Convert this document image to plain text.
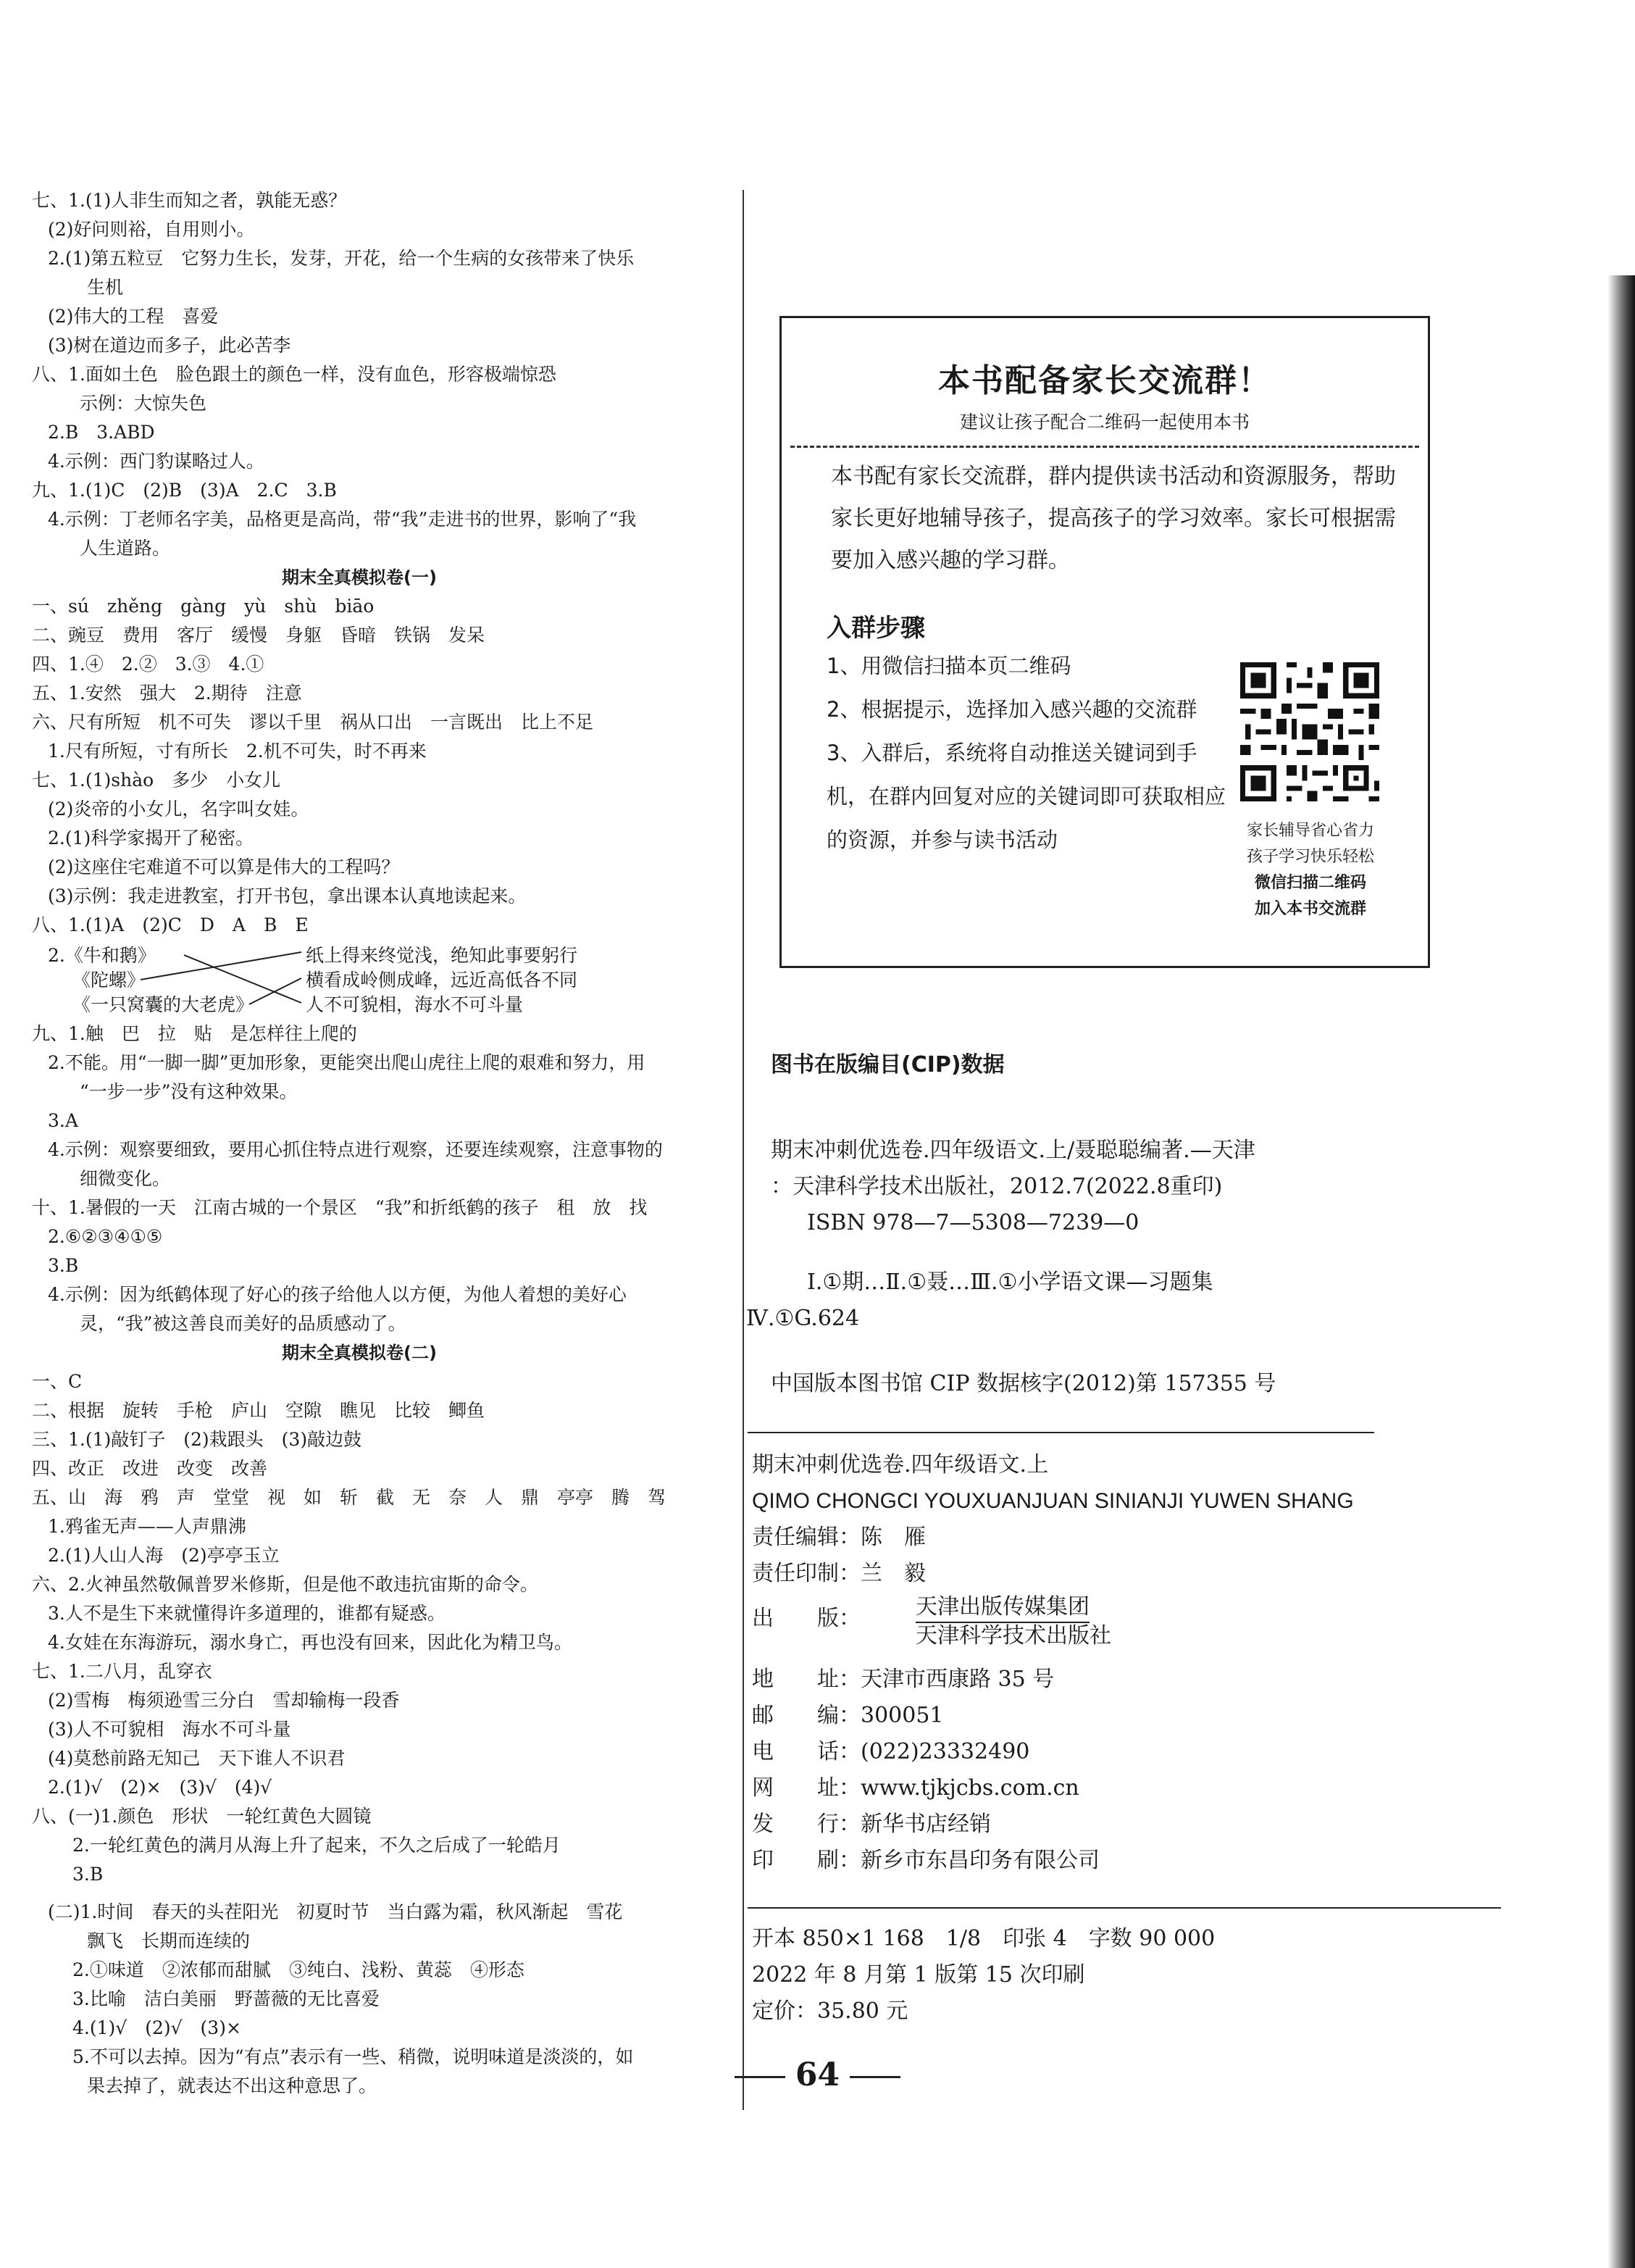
七、1.(1)人非生而知之者，孰能无惑？
(2)好问则裕，自用则小。
2.(1)第五粒豆　它努力生长，发芽，开花，给一个生病的女孩带来了快乐
生机
(2)伟大的工程　喜爱
(3)树在道边而多子，此必苦李
八、1.面如土色　脸色跟土的颜色一样，没有血色，形容极端惊恐
示例：大惊失色
2.B　3.ABD
4.示例：西门豹谋略过人。
九、1.(1)C　(2)B　(3)A　2.C　3.B
4.示例：丁老师名字美，品格更是高尚，带“我”走进书的世界，影响了“我
人生道路。
期末全真模拟卷(一)
一、sú　zhěng　gàng　yù　shù　biāo
二、豌豆　费用　客厅　缓慢　身躯　昏暗　铁锅　发呆
四、1.④　2.②　3.③　4.①
五、1.安然　强大　2.期待　注意
六、尺有所短　机不可失　谬以千里　祸从口出　一言既出　比上不足
1.尺有所短，寸有所长　2.机不可失，时不再来
七、1.(1)shào　多少　小女儿
(2)炎帝的小女儿，名字叫女娃。
2.(1)科学家揭开了秘密。
(2)这座住宅难道不可以算是伟大的工程吗？
(3)示例：我走进教室，打开书包，拿出课本认真地读起来。
八、1.(1)A　(2)C　D　A　B　E
2.《牛和鹅》
《陀螺》
《一只窝囊的大老虎》
纸上得来终觉浅，绝知此事要躬行
横看成岭侧成峰，远近高低各不同
人不可貌相，海水不可斗量
九、1.触　巴　拉　贴　是怎样往上爬的
2.不能。用“一脚一脚”更加形象，更能突出爬山虎往上爬的艰难和努力，用
“一步一步”没有这种效果。
3.A
4.示例：观察要细致，要用心抓住特点进行观察，还要连续观察，注意事物的
细微变化。
十、1.暑假的一天　江南古城的一个景区　“我”和折纸鹤的孩子　租　放　找
2.⑥②③④①⑤
3.B
4.示例：因为纸鹤体现了好心的孩子给他人以方便，为他人着想的美好心
灵，“我”被这善良而美好的品质感动了。
期末全真模拟卷(二)
一、C
二、根据　旋转　手枪　庐山　空隙　瞧见　比较　鲫鱼
三、1.(1)敲钉子　(2)栽跟头　(3)敲边鼓
四、改正　改进　改变　改善
五、山　海　鸦　声　堂堂　视　如　斩　截　无　奈　人　鼎　亭亭　腾　驾
1.鸦雀无声——人声鼎沸
2.(1)人山人海　(2)亭亭玉立
六、2.火神虽然敬佩普罗米修斯，但是他不敢违抗宙斯的命令。
3.人不是生下来就懂得许多道理的，谁都有疑惑。
4.女娃在东海游玩，溺水身亡，再也没有回来，因此化为精卫鸟。
七、1.二八月，乱穿衣
(2)雪梅　梅须逊雪三分白　雪却输梅一段香
(3)人不可貌相　海水不可斗量
(4)莫愁前路无知己　天下谁人不识君
2.(1)√　(2)×　(3)√　(4)√
八、(一)1.颜色　形状　一轮红黄色大圆镜
2.一轮红黄色的满月从海上升了起来，不久之后成了一轮皓月
3.B
(二)1.时间　春天的头茬阳光　初夏时节　当白露为霜，秋风渐起　雪花
飘飞　长期而连续的
2.①味道　②浓郁而甜腻　③纯白、浅粉、黄蕊　④形态
3.比喻　洁白美丽　野蔷薇的无比喜爱
4.(1)√　(2)√　(3)×
5.不可以去掉。因为“有点”表示有一些、稍微，说明味道是淡淡的，如
果去掉了，就表达不出这种意思了。
本书配备家长交流群！
建议让孩子配合二维码一起使用本书
本书配有家长交流群，群内提供读书活动和资源服务，帮助家长更好地辅导孩子，提高孩子的学习效率。家长可根据需要加入感兴趣的学习群。
入群步骤
1、用微信扫描本页二维码
2、根据提示，选择加入感兴趣的交流群
3、入群后，系统将自动推送关键词到手机，在群内回复对应的关键词即可获取相应的资源，并参与读书活动	家长辅导省心省力
孩子学习快乐轻松
微信扫描二维码
加入本书交流群
图书在版编目(CIP)数据
期末冲刺优选卷.四年级语文.上/聂聪聪编著.—天津
：天津科学技术出版社，2012.7(2022.8重印)
ISBN 978—7—5308—7239—0
Ⅰ.①期…Ⅱ.①聂…Ⅲ.①小学语文课—习题集
Ⅳ.①G.624
中国版本图书馆 CIP 数据核字(2012)第 157355 号
期末冲刺优选卷.四年级语文.上
QIMO CHONGCI YOUXUANJUAN SINIANJI YUWEN SHANG
责任编辑：陈　雁
责任印制：兰　毅
出　　版：	天津出版传媒集团
天津科学技术出版社
地　　址：天津市西康路 35 号
邮　　编：300051
电　　话：(022)23332490
网　　址：www.tjkjcbs.com.cn
发　　行：新华书店经销
印　　刷：新乡市东昌印务有限公司
开本 850×1 168　1/8　印张 4　字数 90 000
2022 年 8 月第 1 版第 15 次印刷
定价：35.80 元
64
